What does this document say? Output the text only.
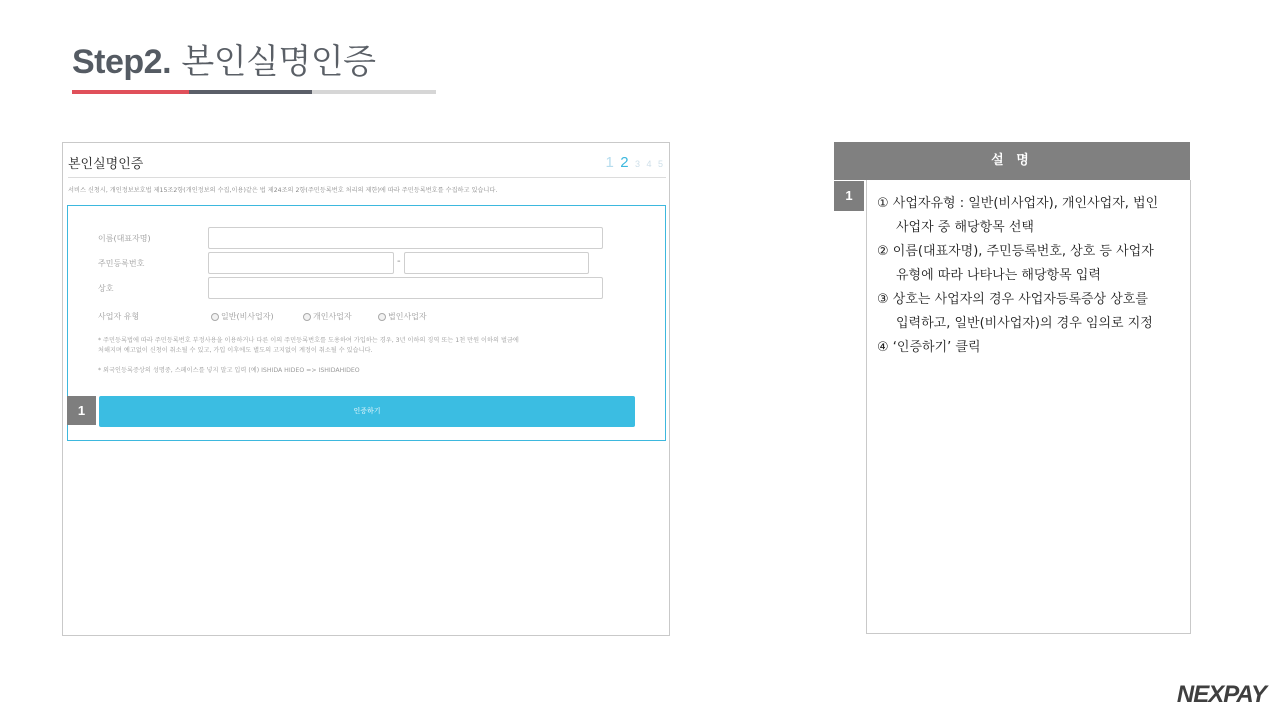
Step2. 본인실명인증
본인실명인증	1 2 3 4 5
서비스 신청시, 개인정보보호법 제15조2항(개인정보의 수집,이용)같은 법 제24조의 2항(주민등록번호 처리의 제한)에 따라 주민등록번호를 수집하고 있습니다.
이름(대표자명)
주민등록번호	-
상호
사업자 유형	일반(비사업자)	개인사업자	법인사업자
* 주민등록법에 따라 주민등록번호 부정사용을 이용하거나 다른 이의 주민등록번호를 도용하여 가입하는 경우, 3년 이하의 징역 또는 1천 만원 이하의 벌금에
처해지며 예고없이 신청이 취소될 수 있고, 가입 이후에도 별도의 고지없이 계정이 취소될 수 있습니다.
* 외국인등록증상의 성명중, 스페이스를 넣지 말고 입력 (예) ISHIDA HIDEO => ISHIDAHIDEO
인증하기
1
설 명
1
① 사업자유형 : 일반(비사업자), 개인사업자, 법인
사업자 중 해당항목 선택
② 이름(대표자명), 주민등록번호, 상호 등 사업자
유형에 따라 나타나는 해당항목 입력
③ 상호는 사업자의 경우 사업자등록증상 상호를
입력하고, 일반(비사업자)의 경우 임의로 지정
④ ‘인증하기’ 클릭
NEXPAY
